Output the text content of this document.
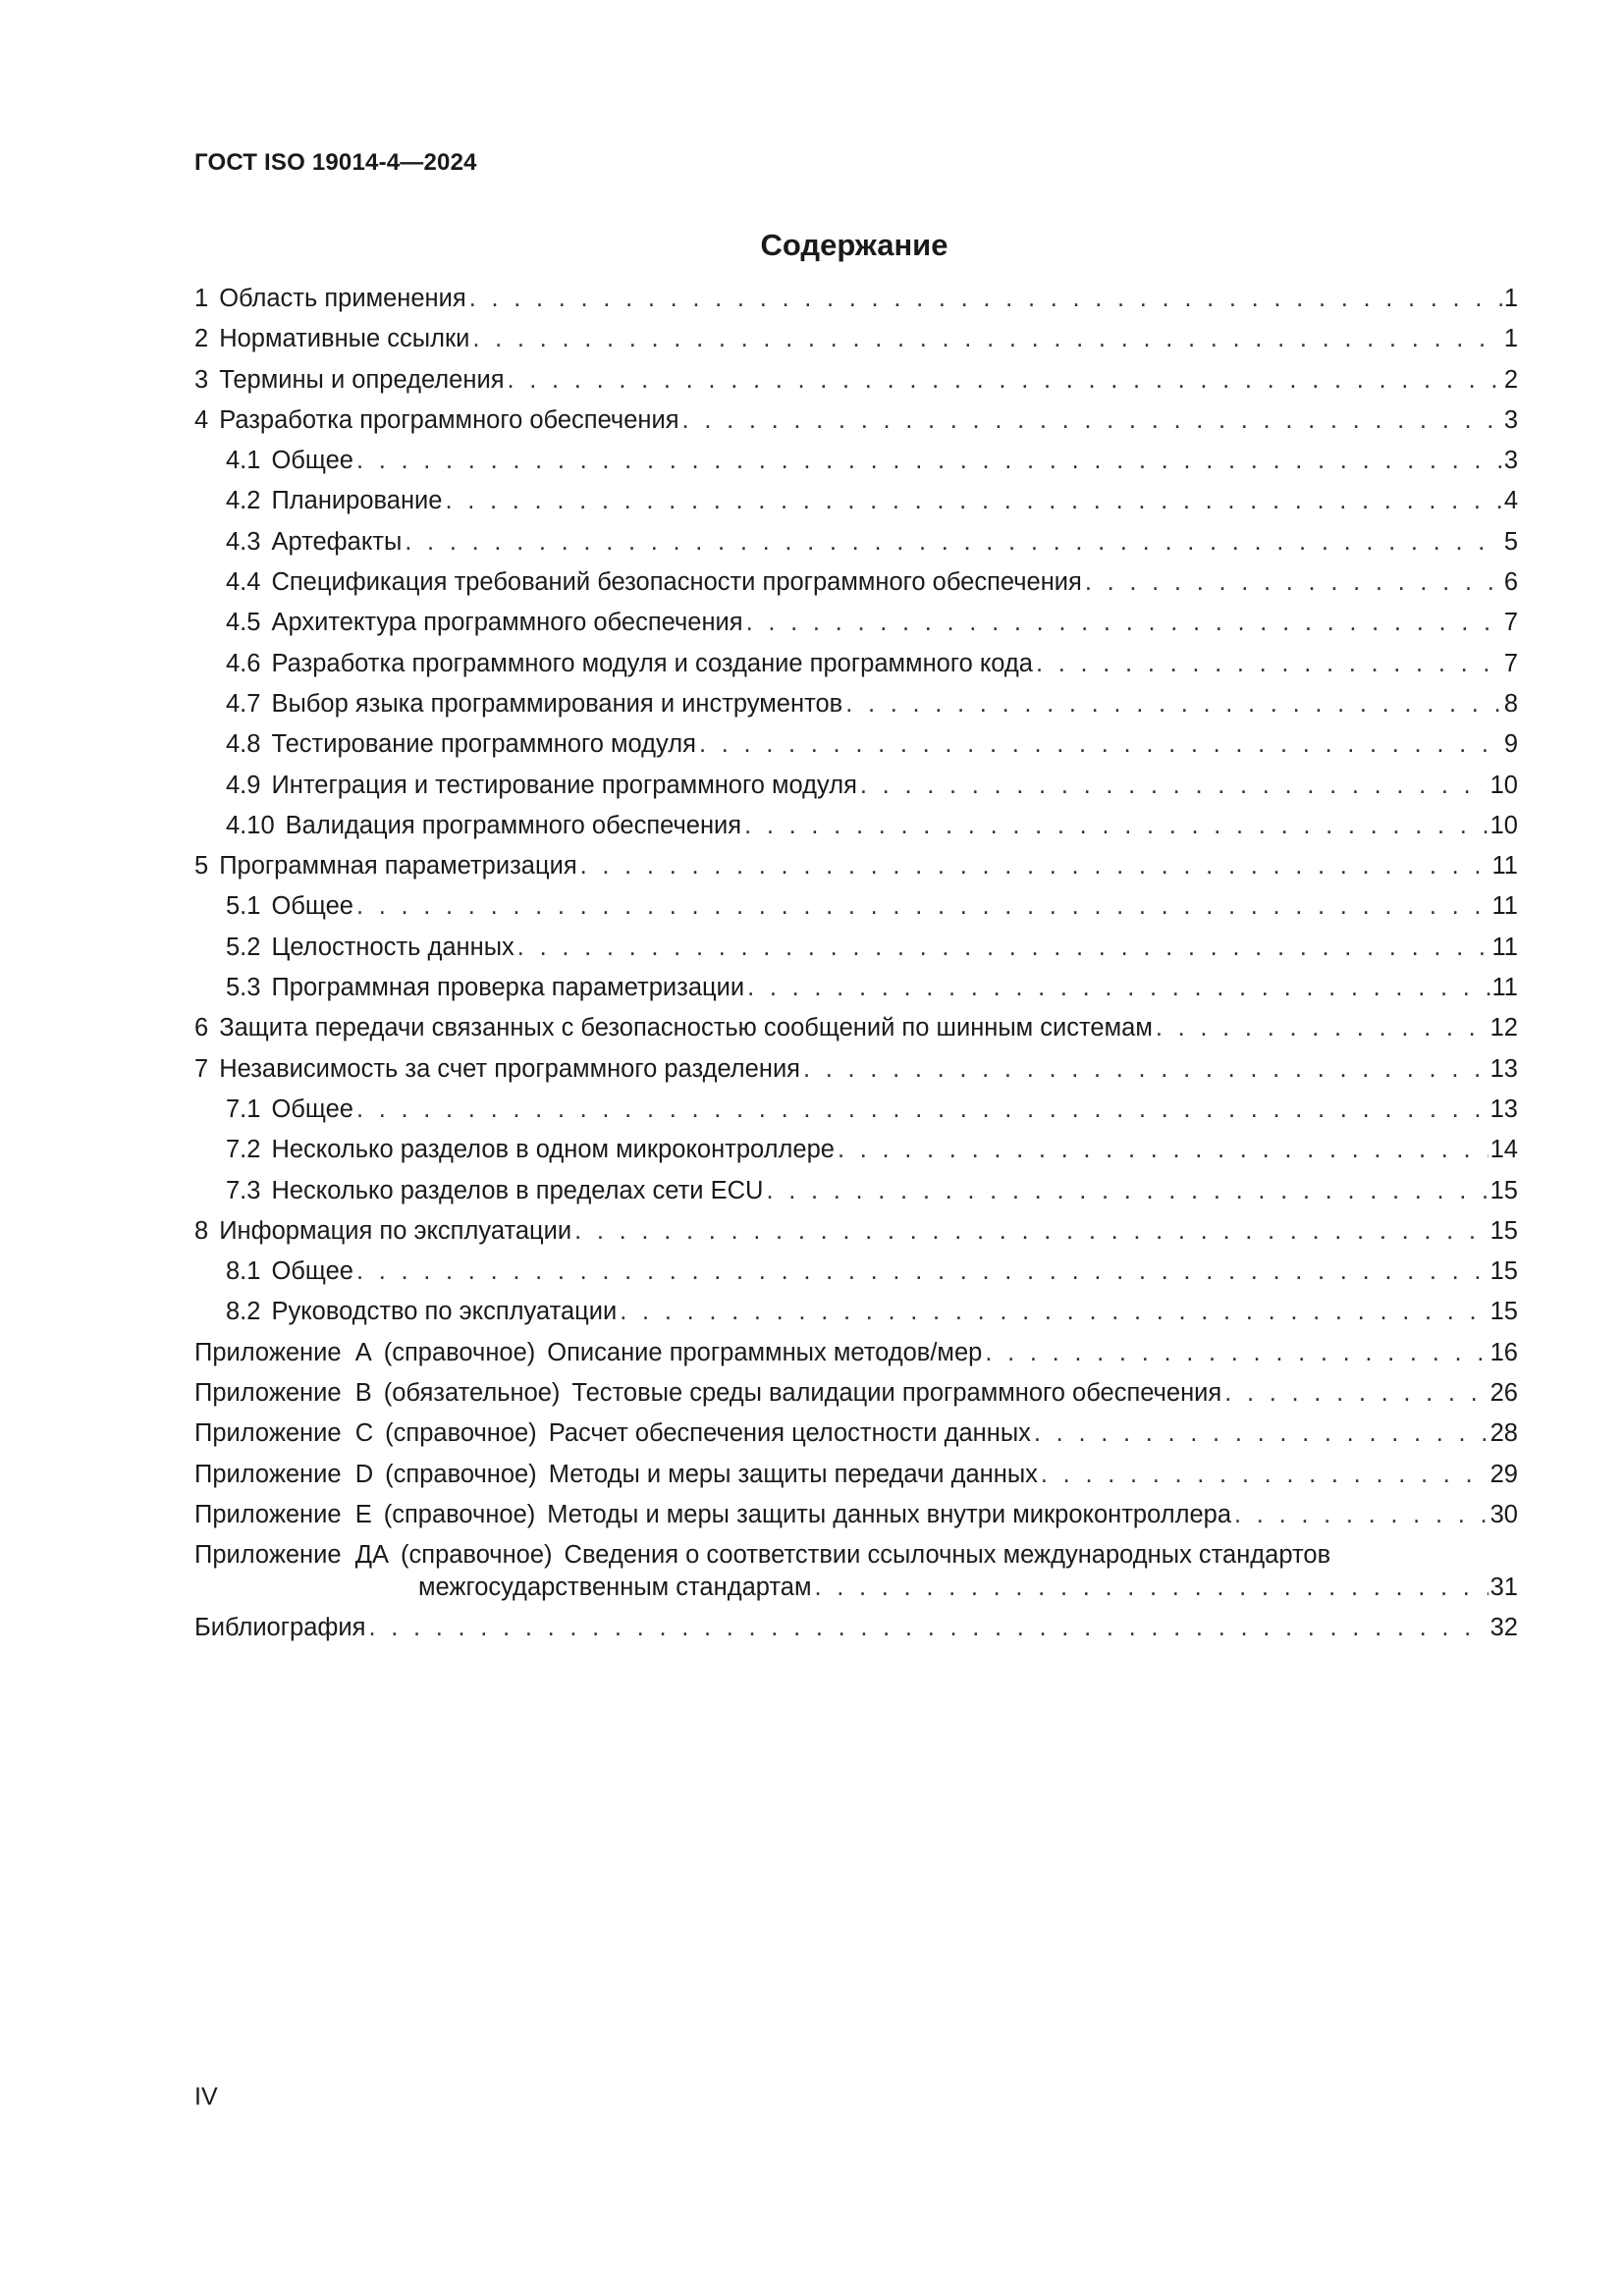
ГОСТ ISO 19014-4—2024
Содержание
1 Область применения . . .	1
2 Нормативные ссылки . . .	1
3 Термины и определения . . .	2
4 Разработка программного обеспечения . . .	3
4.1 Общее . . .	3
4.2 Планирование . . .	4
4.3 Артефакты . . .	5
4.4 Спецификация требований безопасности программного обеспечения . . .	6
4.5 Архитектура программного обеспечения . . .	7
4.6 Разработка программного модуля и создание программного кода . . .	7
4.7 Выбор языка программирования и инструментов . . .	8
4.8 Тестирование программного модуля . . .	9
4.9 Интеграция и тестирование программного модуля . . .	10
4.10 Валидация программного обеспечения . . .	10
5 Программная параметризация . . .	11
5.1 Общее . . .	11
5.2 Целостность данных . . .	11
5.3 Программная проверка параметризации . . .	11
6 Защита передачи связанных с безопасностью сообщений по шинным системам . . .	12
7 Независимость за счет программного разделения . . .	13
7.1 Общее . . .	13
7.2 Несколько разделов в одном микроконтроллере . . .	14
7.3 Несколько разделов в пределах сети ECU . . .	15
8 Информация по эксплуатации . . .	15
8.1 Общее . . .	15
8.2 Руководство по эксплуатации . . .	15
Приложение  А (справочное) Описание программных методов/мер . . .	16
Приложение  В (обязательное) Тестовые среды валидации программного обеспечения . . .	26
Приложение  С (справочное) Расчет обеспечения целостности данных . . .	28
Приложение  D (справочное) Методы и меры защиты передачи данных . . .	29
Приложение  Е (справочное) Методы и меры защиты данных внутри микроконтроллера . . .	30
Приложение  ДА (справочное) Сведения о соответствии ссылочных международных стандартов
межгосударственным стандартам . . .	31
Библиография . . .	32
IV
